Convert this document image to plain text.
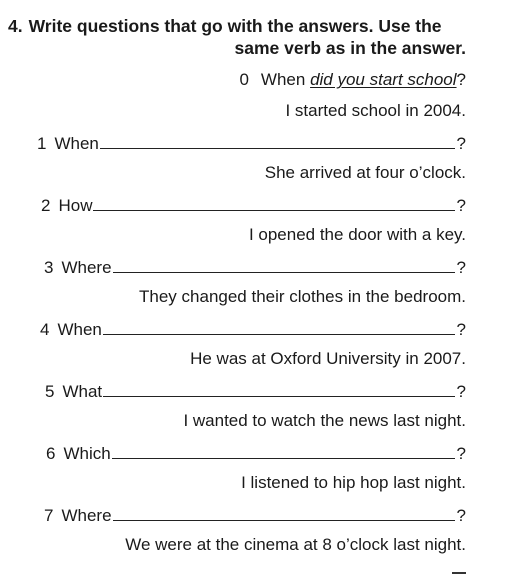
4. Write questions that go with the answers. Use the
same verb as in the answer.
0 When did you start school?
I started school in 2004.
1 When	?
She arrived at four o’clock.
2 How	?
I opened the door with a key.
3 Where	?
They changed their clothes in the bedroom.
4 When	?
He was at Oxford University in 2007.
5 What	?
I wanted to watch the news last night.
6 Which	?
I listened to hip hop last night.
7 Where	?
We were at the cinema at 8 o’clock last night.
